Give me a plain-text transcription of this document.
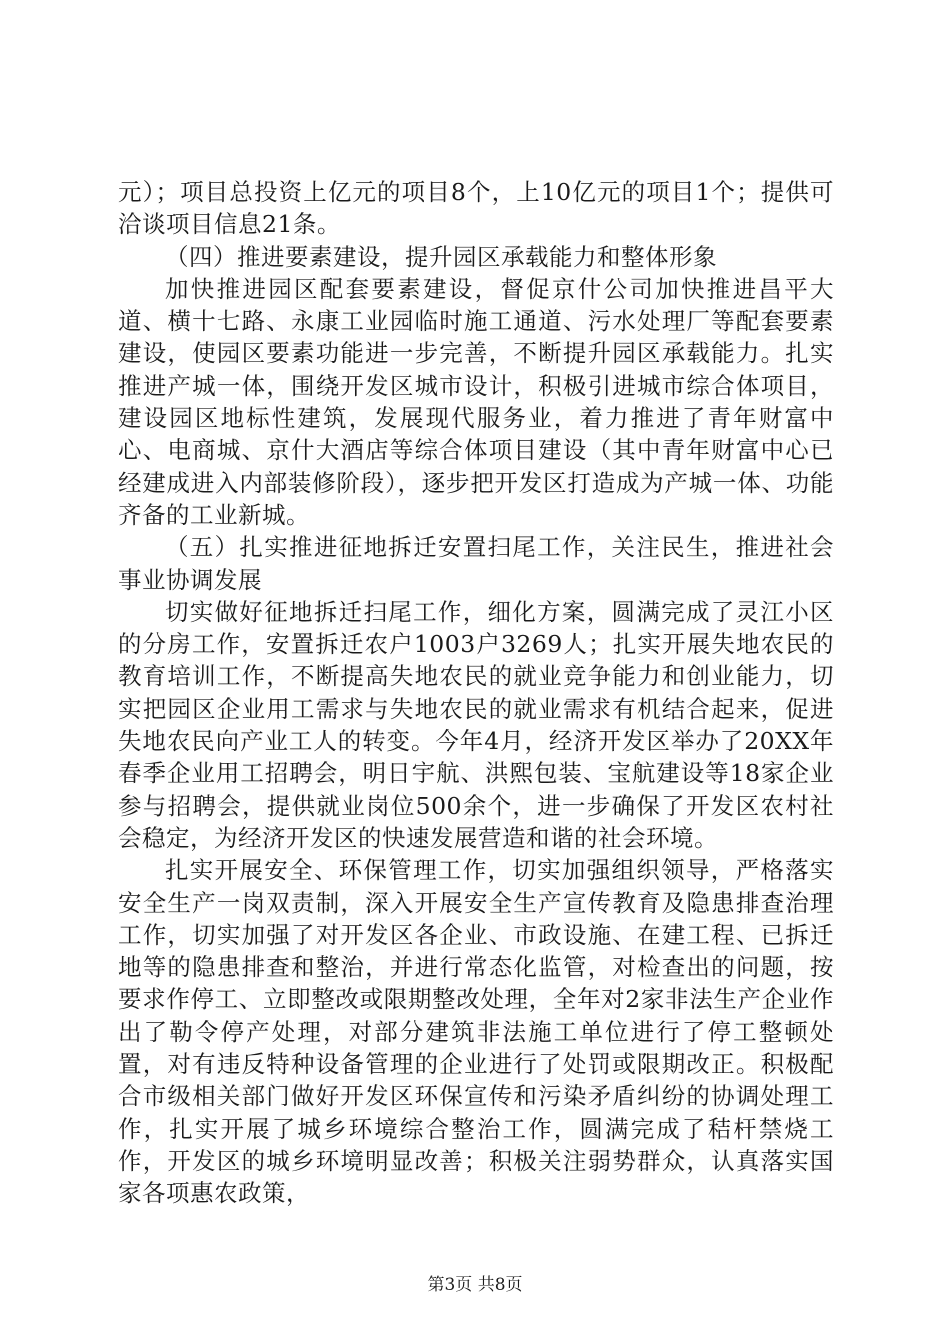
元）；项目总投资上亿元的项目8个，上10亿元的项目1个；提供可洽谈项目信息21条。

（四）推进要素建设，提升园区承载能力和整体形象

加快推进园区配套要素建设，督促京什公司加快推进昌平大道、横十七路、永康工业园临时施工通道、污水处理厂等配套要素建设，使园区要素功能进一步完善，不断提升园区承载能力。扎实推进产城一体，围绕开发区城市设计，积极引进城市综合体项目，建设园区地标性建筑，发展现代服务业，着力推进了青年财富中心、电商城、京什大酒店等综合体项目建设（其中青年财富中心已经建成进入内部装修阶段），逐步把开发区打造成为产城一体、功能齐备的工业新城。

（五）扎实推进征地拆迁安置扫尾工作，关注民生，推进社会事业协调发展

切实做好征地拆迁扫尾工作，细化方案，圆满完成了灵江小区的分房工作，安置拆迁农户1003户3269人；扎实开展失地农民的教育培训工作，不断提高失地农民的就业竞争能力和创业能力，切实把园区企业用工需求与失地农民的就业需求有机结合起来，促进失地农民向产业工人的转变。今年4月，经济开发区举办了20XX年春季企业用工招聘会，明日宇航、洪熙包装、宝航建设等18家企业参与招聘会，提供就业岗位500余个，进一步确保了开发区农村社会稳定，为经济开发区的快速发展营造和谐的社会环境。

扎实开展安全、环保管理工作，切实加强组织领导，严格落实安全生产一岗双责制，深入开展安全生产宣传教育及隐患排查治理工作，切实加强了对开发区各企业、市政设施、在建工程、已拆迁地等的隐患排查和整治，并进行常态化监管，对检查出的问题，按要求作停工、立即整改或限期整改处理，全年对2家非法生产企业作出了勒令停产处理，对部分建筑非法施工单位进行了停工整顿处置，对有违反特种设备管理的企业进行了处罚或限期改正。积极配合市级相关部门做好开发区环保宣传和污染矛盾纠纷的协调处理工作，扎实开展了城乡环境综合整治工作，圆满完成了秸杆禁烧工作，开发区的城乡环境明显改善；积极关注弱势群众，认真落实国家各项惠农政策，

第3页 共8页
